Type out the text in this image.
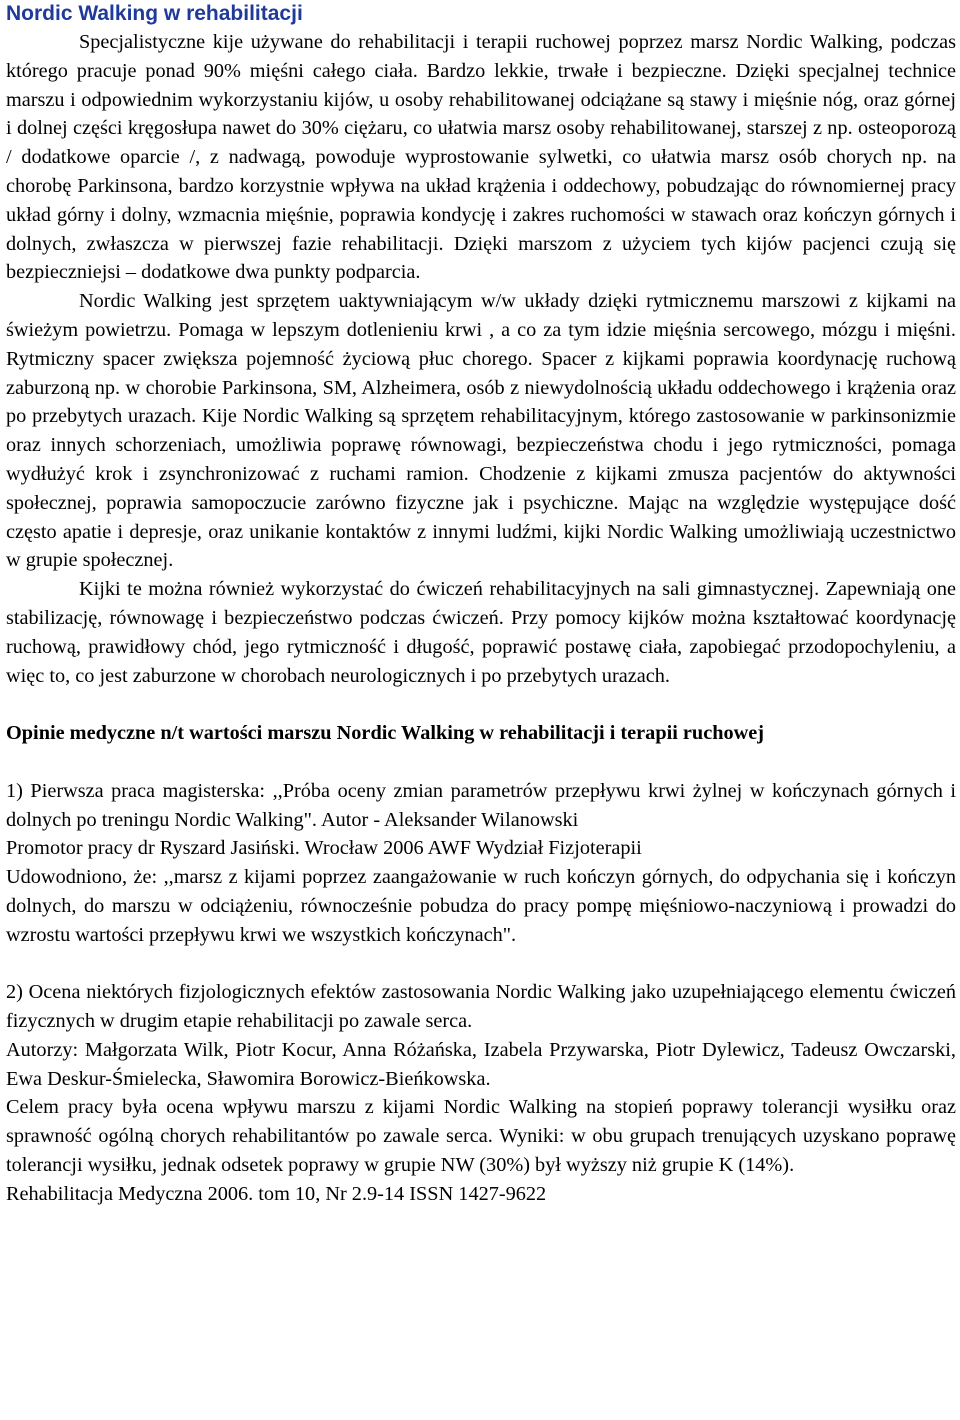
Nordic Walking w rehabilitacji

Specjalistyczne kije używane do rehabilitacji i terapii ruchowej poprzez marsz Nordic Walking, podczas którego pracuje ponad 90% mięśni całego ciała. Bardzo lekkie, trwałe i bezpieczne. Dzięki specjalnej technice marszu i odpowiednim wykorzystaniu kijów, u osoby rehabilitowanej odciążane są stawy i mięśnie nóg, oraz górnej i dolnej części kręgosłupa nawet do 30% ciężaru, co ułatwia marsz osoby rehabilitowanej, starszej z np. osteoporozą / dodatkowe oparcie /, z nadwagą, powoduje wyprostowanie sylwetki, co ułatwia marsz osób chorych np. na chorobę Parkinsona, bardzo korzystnie wpływa na układ krążenia i oddechowy, pobudzając do równomiernej pracy układ górny i dolny, wzmacnia mięśnie, poprawia kondycję i zakres ruchomości w stawach oraz kończyn górnych i dolnych, zwłaszcza w pierwszej fazie rehabilitacji. Dzięki marszom z użyciem tych kijów pacjenci czują się bezpieczniejsi – dodatkowe dwa punkty podparcia.

Nordic Walking jest sprzętem uaktywniającym w/w układy dzięki rytmicznemu marszowi z kijkami na świeżym powietrzu. Pomaga w lepszym dotlenieniu krwi , a co za tym idzie mięśnia sercowego, mózgu i mięśni. Rytmiczny spacer zwiększa pojemność życiową płuc chorego. Spacer z kijkami poprawia koordynację ruchową zaburzoną np. w chorobie Parkinsona, SM, Alzheimera, osób z niewydolnością układu oddechowego i krążenia oraz po przebytych urazach. Kije Nordic Walking są sprzętem rehabilitacyjnym, którego zastosowanie w parkinsonizmie oraz innych schorzeniach, umożliwia poprawę równowagi, bezpieczeństwa chodu i jego rytmiczności, pomaga wydłużyć krok i zsynchronizować z ruchami ramion. Chodzenie z kijkami zmusza pacjentów do aktywności społecznej, poprawia samopoczucie zarówno fizyczne jak i psychiczne. Mając na względzie występujące dość często apatie i depresje, oraz unikanie kontaktów z innymi ludźmi, kijki Nordic Walking umożliwiają uczestnictwo w grupie społecznej.

Kijki te można również wykorzystać do ćwiczeń rehabilitacyjnych na sali gimnastycznej. Zapewniają one stabilizację, równowagę i bezpieczeństwo podczas ćwiczeń. Przy pomocy kijków można kształtować koordynację ruchową, prawidłowy chód, jego rytmiczność i długość, poprawić postawę ciała, zapobiegać przodopochyleniu, a więc to, co jest zaburzone w chorobach neurologicznych i po przebytych urazach.

Opinie medyczne n/t wartości marszu Nordic Walking w rehabilitacji i terapii ruchowej

1) Pierwsza praca magisterska: ,,Próba oceny zmian parametrów przepływu krwi żylnej w kończynach górnych i dolnych po treningu Nordic Walking". Autor - Aleksander Wilanowski

Promotor pracy dr Ryszard Jasiński. Wrocław 2006 AWF Wydział Fizjoterapii

Udowodniono, że: ,,marsz z kijami poprzez zaangażowanie w ruch kończyn górnych, do odpychania się i kończyn dolnych, do marszu w odciążeniu, równocześnie pobudza do pracy pompę mięśniowo-naczyniową i prowadzi do wzrostu wartości przepływu krwi we wszystkich kończynach".

2) Ocena niektórych fizjologicznych efektów zastosowania Nordic Walking jako uzupełniającego elementu ćwiczeń fizycznych w drugim etapie rehabilitacji po zawale serca.

Autorzy: Małgorzata Wilk, Piotr Kocur, Anna Różańska, Izabela Przywarska, Piotr Dylewicz, Tadeusz Owczarski, Ewa Deskur-Śmielecka, Sławomira Borowicz-Bieńkowska.

Celem pracy była ocena wpływu marszu z kijami Nordic Walking na stopień poprawy tolerancji wysiłku oraz sprawność ogólną chorych rehabilitantów po zawale serca. Wyniki: w obu grupach trenujących uzyskano poprawę tolerancji wysiłku, jednak odsetek poprawy w grupie NW (30%) był wyższy niż grupie K (14%).

Rehabilitacja Medyczna 2006. tom 10, Nr 2.9-14 ISSN 1427-9622
